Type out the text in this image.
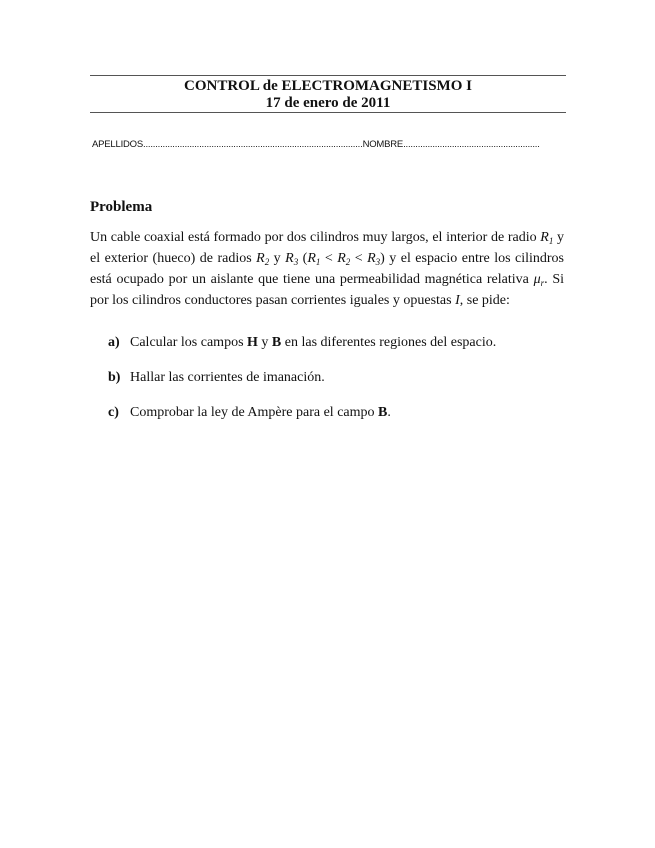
CONTROL de ELECTROMAGNETISMO I
17 de enero de 2011
APELLIDOS..........................................................................................NOMBRE........................................................
Problema
Un cable coaxial está formado por dos cilindros muy largos, el interior de radio $R_1$ y el exterior (hueco) de radios $R_2$ y $R_3$ $(R_1 < R_2 < R_3)$ y el espacio entre los cilindros está ocupado por un aislante que tiene una permeabilidad magnética relativa $\mu_r$. Si por los cilindros conductores pasan corrientes iguales y opuestas I, se pide:
a) Calcular los campos H y B en las diferentes regiones del espacio.
b) Hallar las corrientes de imanación.
c) Comprobar la ley de Ampère para el campo B.
